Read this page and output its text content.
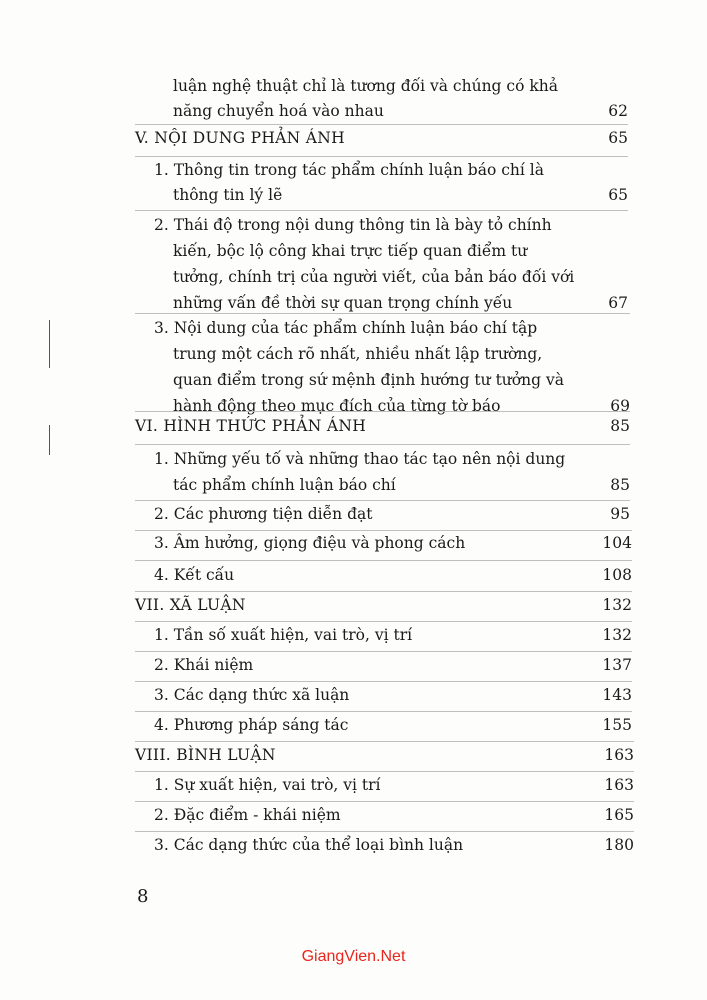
luận nghệ thuật chỉ là tương đối và chúng có khả
năng chuyển hoá vào nhau	62
V. NỘI DUNG PHẢN ÁNH	65
1. Thông tin trong tác phẩm chính luận báo chí là
thông tin lý lẽ	65
2. Thái độ trong nội dung thông tin là bày tỏ chính
kiến, bộc lộ công khai trực tiếp quan điểm tư
tưởng, chính trị của người viết, của bản báo đối với
những vấn đề thời sự quan trọng chính yếu	67
3. Nội dung của tác phẩm chính luận báo chí tập
trung một cách rõ nhất, nhiều nhất lập trường,
quan điểm trong sứ mệnh định hướng tư tưởng và
hành động theo mục đích của từng tờ báo	69
VI. HÌNH THỨC PHẢN ÁNH	85
1. Những yếu tố và những thao tác tạo nên nội dung
tác phẩm chính luận báo chí	85
2. Các phương tiện diễn đạt	95
3. Âm hưởng, giọng điệu và phong cách	104
4. Kết cấu	108
VII. XÃ LUẬN	132
1. Tần số xuất hiện, vai trò, vị trí	132
2. Khái niệm	137
3. Các dạng thức xã luận	143
4. Phương pháp sáng tác	155
VIII. BÌNH LUẬN	163
1. Sự xuất hiện, vai trò, vị trí	163
2. Đặc điểm - khái niệm	165
3. Các dạng thức của thể loại bình luận	180
8
GiangVien.Net
